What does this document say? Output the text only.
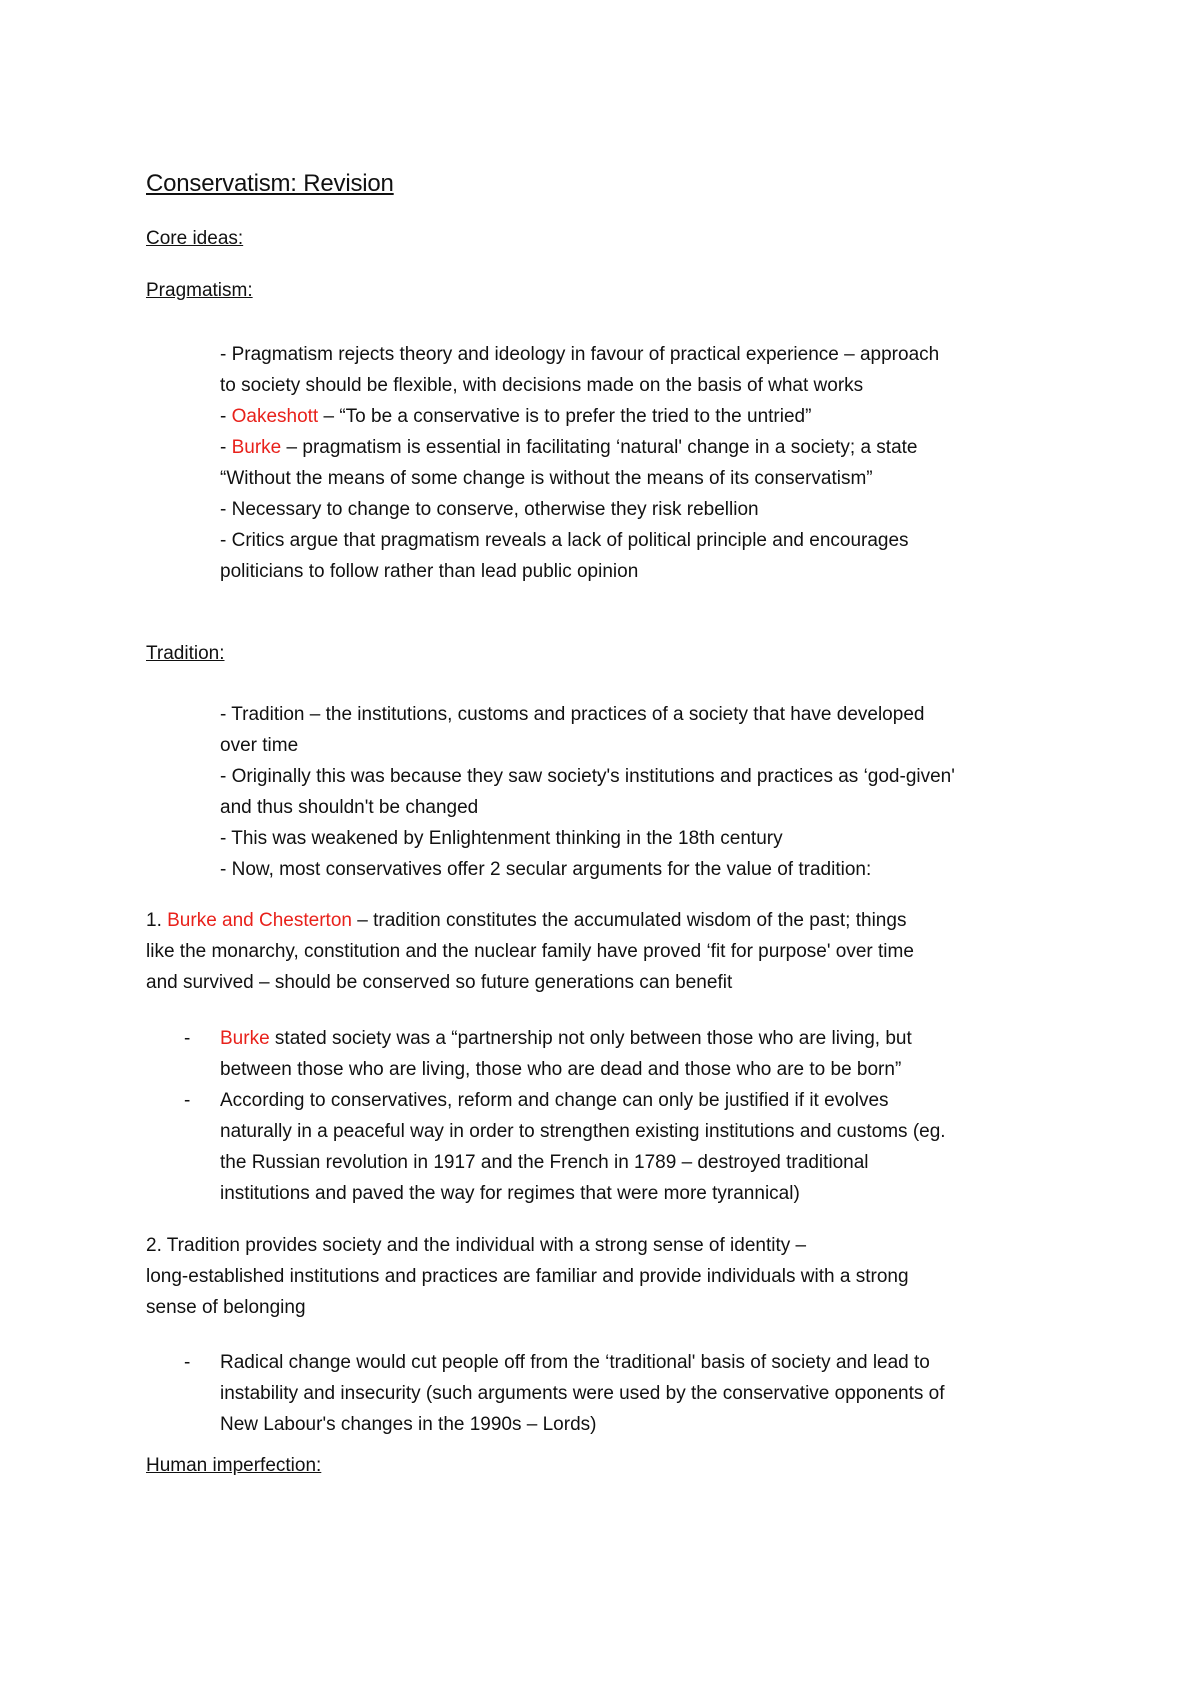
Conservatism: Revision
Core ideas:
Pragmatism:
- Pragmatism rejects theory and ideology in favour of practical experience – approach
to society should be flexible, with decisions made on the basis of what works
- Oakeshott – “To be a conservative is to prefer the tried to the untried”
- Burke – pragmatism is essential in facilitating ‘natural' change in a society; a state
“Without the means of some change is without the means of its conservatism”
- Necessary to change to conserve, otherwise they risk rebellion
- Critics argue that pragmatism reveals a lack of political principle and encourages
politicians to follow rather than lead public opinion
Tradition:
- Tradition – the institutions, customs and practices of a society that have developed
over time
- Originally this was because they saw society's institutions and practices as ‘god-given'
and thus shouldn't be changed
- This was weakened by Enlightenment thinking in the 18th century
- Now, most conservatives offer 2 secular arguments for the value of tradition:
1. Burke and Chesterton – tradition constitutes the accumulated wisdom of the past; things
like the monarchy, constitution and the nuclear family have proved ‘fit for purpose' over time
and survived – should be conserved so future generations can benefit
- Burke stated society was a “partnership not only between those who are living, but
between those who are living, those who are dead and those who are to be born”
- According to conservatives, reform and change can only be justified if it evolves
naturally in a peaceful way in order to strengthen existing institutions and customs (eg.
the Russian revolution in 1917 and the French in 1789 – destroyed traditional
institutions and paved the way for regimes that were more tyrannical)
2. Tradition provides society and the individual with a strong sense of identity –
long-established institutions and practices are familiar and provide individuals with a strong
sense of belonging
- Radical change would cut people off from the ‘traditional' basis of society and lead to
instability and insecurity (such arguments were used by the conservative opponents of
New Labour's changes in the 1990s – Lords)
Human imperfection:
